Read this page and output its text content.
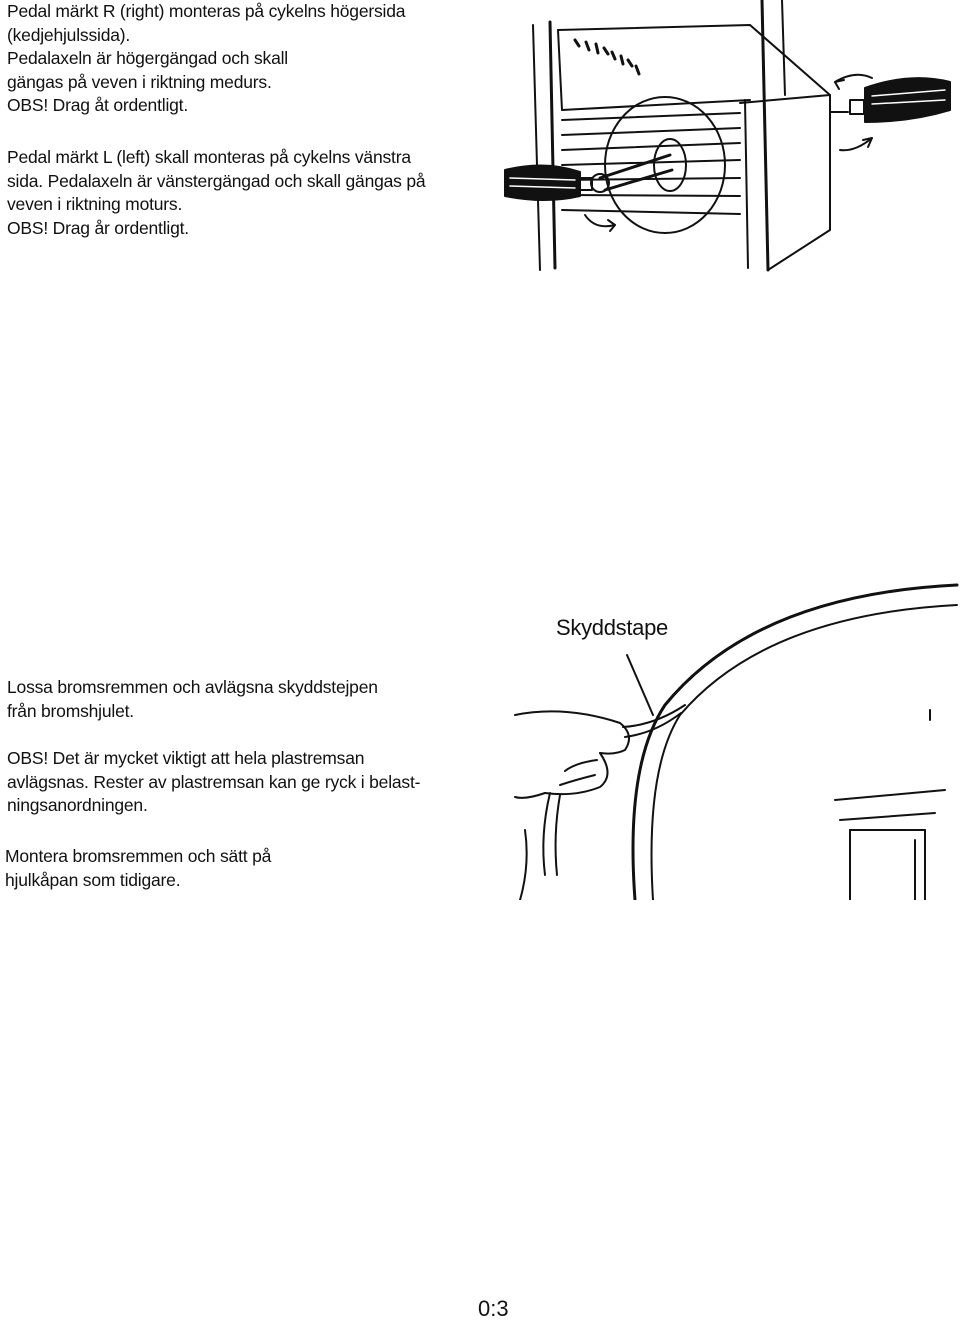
Pedal märkt R (right) monteras på cykelns högersida
(kedjehjulssida).
Pedalaxeln är högergängad och skall
gängas på veven i riktning medurs.
OBS! Drag åt ordentligt.

Pedal märkt L (left) skall monteras på cykelns vänstra
sida. Pedalaxeln är vänstergängad och skall gängas på
veven i riktning moturs.
OBS! Drag år ordentligt.

Lossa bromsremmen och avlägsna skyddstejpen
från bromshjulet.

OBS! Det är mycket viktigt att hela plastremsan
avlägsnas. Rester av plastremsan kan ge ryck i belast-
ningsanordningen.

Montera bromsremmen och sätt på
hjulkåpan som tidigare.

Skyddstape
0:3
